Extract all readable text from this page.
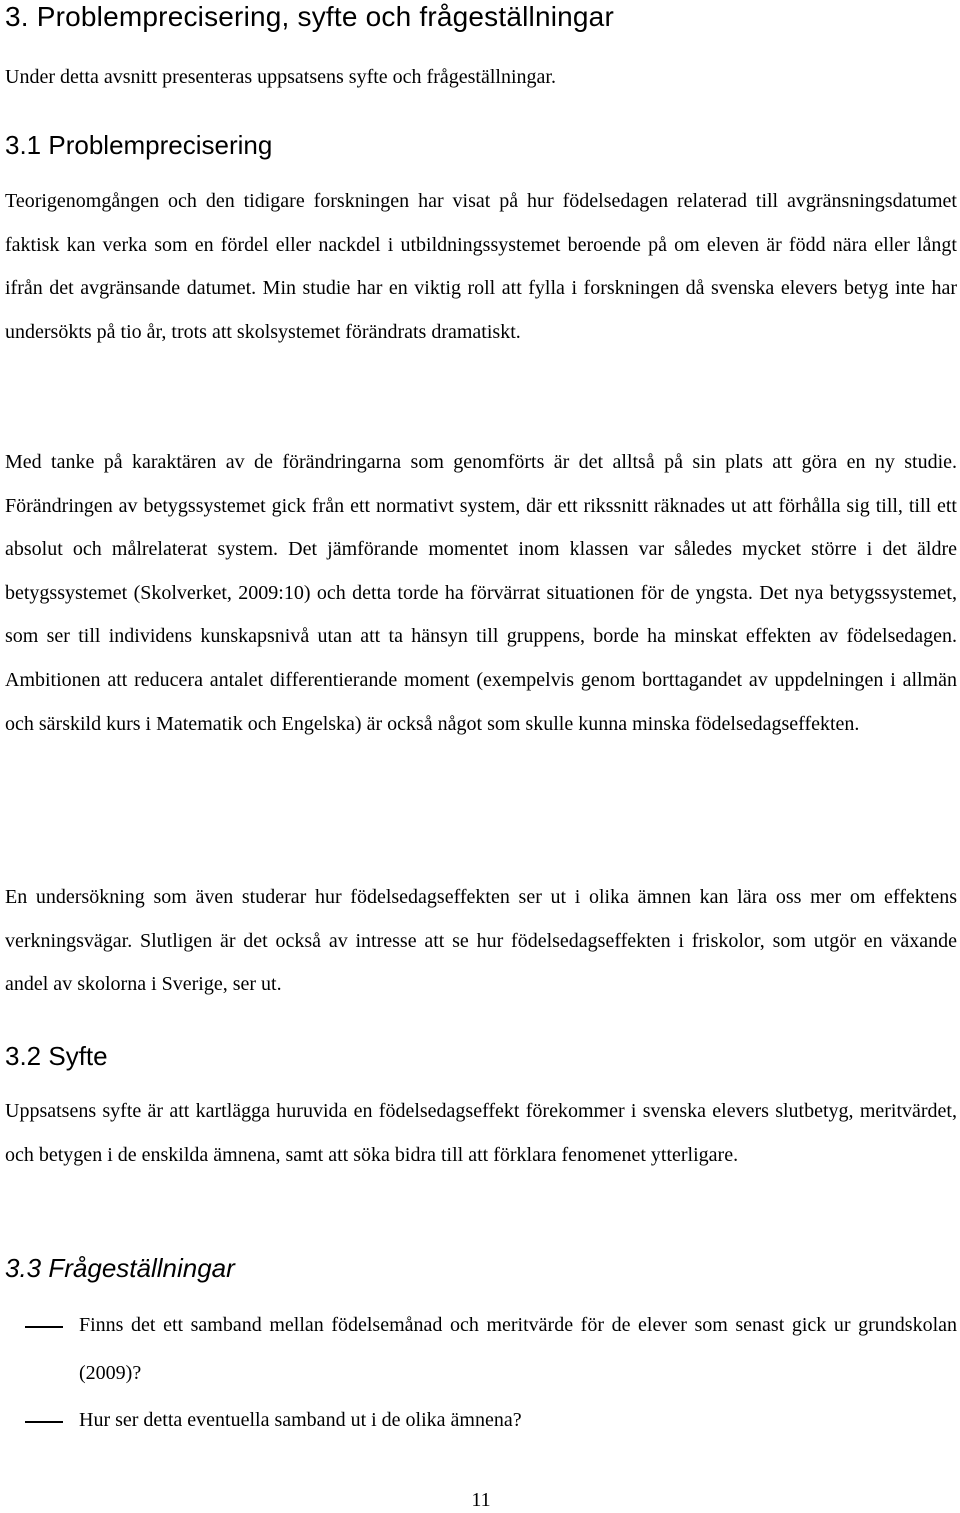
3. Problemprecisering, syfte och frågeställningar

Under detta avsnitt presenteras uppsatsens syfte och frågeställningar.

3.1 Problemprecisering

Teorigenomgången och den tidigare forskningen har visat på hur födelsedagen relaterad till avgränsningsdatumet faktisk kan verka som en fördel eller nackdel i utbildningssystemet beroende på om eleven är född nära eller långt ifrån det avgränsande datumet. Min studie har en viktig roll att fylla i forskningen då svenska elevers betyg inte har undersökts på tio år, trots att skolsystemet förändrats dramatiskt.

Med tanke på karaktären av de förändringarna som genomförts är det alltså på sin plats att göra en ny studie. Förändringen av betygssystemet gick från ett normativt system, där ett rikssnitt räknades ut att förhålla sig till, till ett absolut och målrelaterat system. Det jämförande momentet inom klassen var således mycket större i det äldre betygssystemet (Skolverket, 2009:10) och detta torde ha förvärrat situationen för de yngsta. Det nya betygssystemet, som ser till individens kunskapsnivå utan att ta hänsyn till gruppens, borde ha minskat effekten av födelsedagen. Ambitionen att reducera antalet differentierande moment (exempelvis genom borttagandet av uppdelningen i allmän och särskild kurs i Matematik och Engelska) är också något som skulle kunna minska födelsedagseffekten.

En undersökning som även studerar hur födelsedagseffekten ser ut i olika ämnen kan lära oss mer om effektens verkningsvägar. Slutligen är det också av intresse att se hur födelsedagseffekten i friskolor, som utgör en växande andel av skolorna i Sverige, ser ut.

3.2 Syfte

Uppsatsens syfte är att kartlägga huruvida en födelsedagseffekt förekommer i svenska elevers slutbetyg, meritvärdet, och betygen i de enskilda ämnena, samt att söka bidra till att förklara fenomenet ytterligare.

3.3 Frågeställningar
Finns det ett samband mellan födelsemånad och meritvärde för de elever som senast gick ur grundskolan (2009)?
Hur ser detta eventuella samband ut i de olika ämnena?
11
